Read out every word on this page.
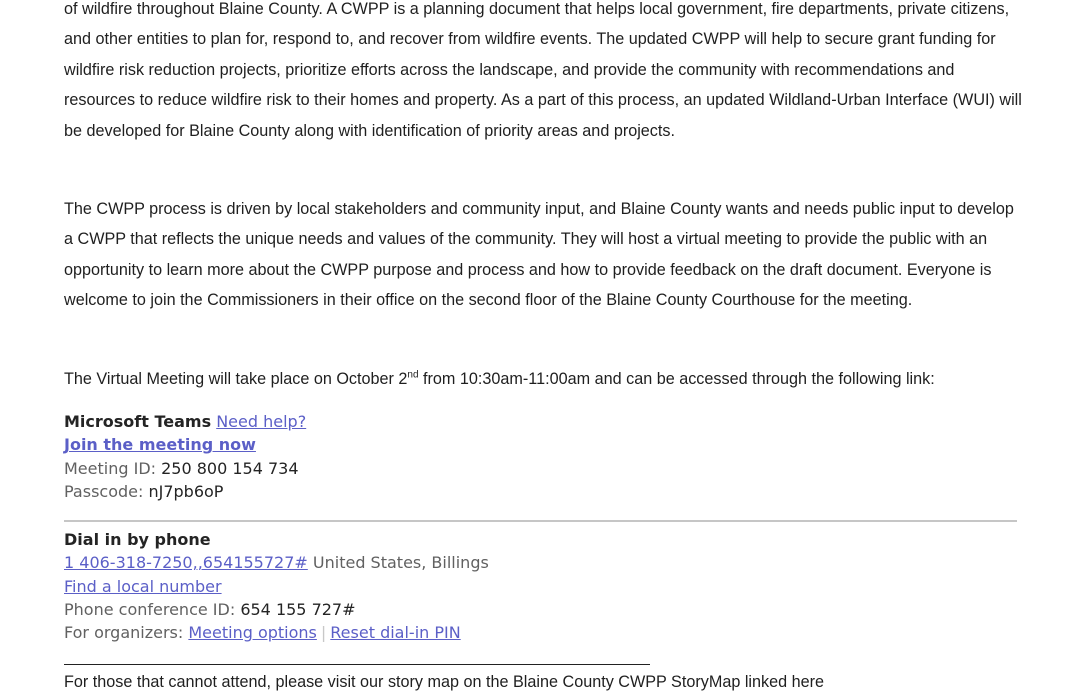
of wildfire throughout Blaine County. A CWPP is a planning document that helps local government, fire departments, private citizens, and other entities to plan for, respond to, and recover from wildfire events. The updated CWPP will help to secure grant funding for wildfire risk reduction projects, prioritize efforts across the landscape, and provide the community with recommendations and resources to reduce wildfire risk to their homes and property. As a part of this process, an updated Wildland-Urban Interface (WUI) will be developed for Blaine County along with identification of priority areas and projects.

The CWPP process is driven by local stakeholders and community input, and Blaine County wants and needs public input to develop a CWPP that reflects the unique needs and values of the community. They will host a virtual meeting to provide the public with an opportunity to learn more about the CWPP purpose and process and how to provide feedback on the draft document. Everyone is welcome to join the Commissioners in their office on the second floor of the Blaine County Courthouse for the meeting.

The Virtual Meeting will take place on October 2nd from 10:30am-11:00am and can be accessed through the following link:

Microsoft Teams Need help?
Join the meeting now
Meeting ID: 250 800 154 734
Passcode: nJ7pb6oP
Dial in by phone
1 406-318-7250,,654155727# United States, Billings
Find a local number
Phone conference ID: 654 155 727#
For organizers: Meeting options | Reset dial-in PIN
For those that cannot attend, please visit our story map on the Blaine County CWPP StoryMap linked here
